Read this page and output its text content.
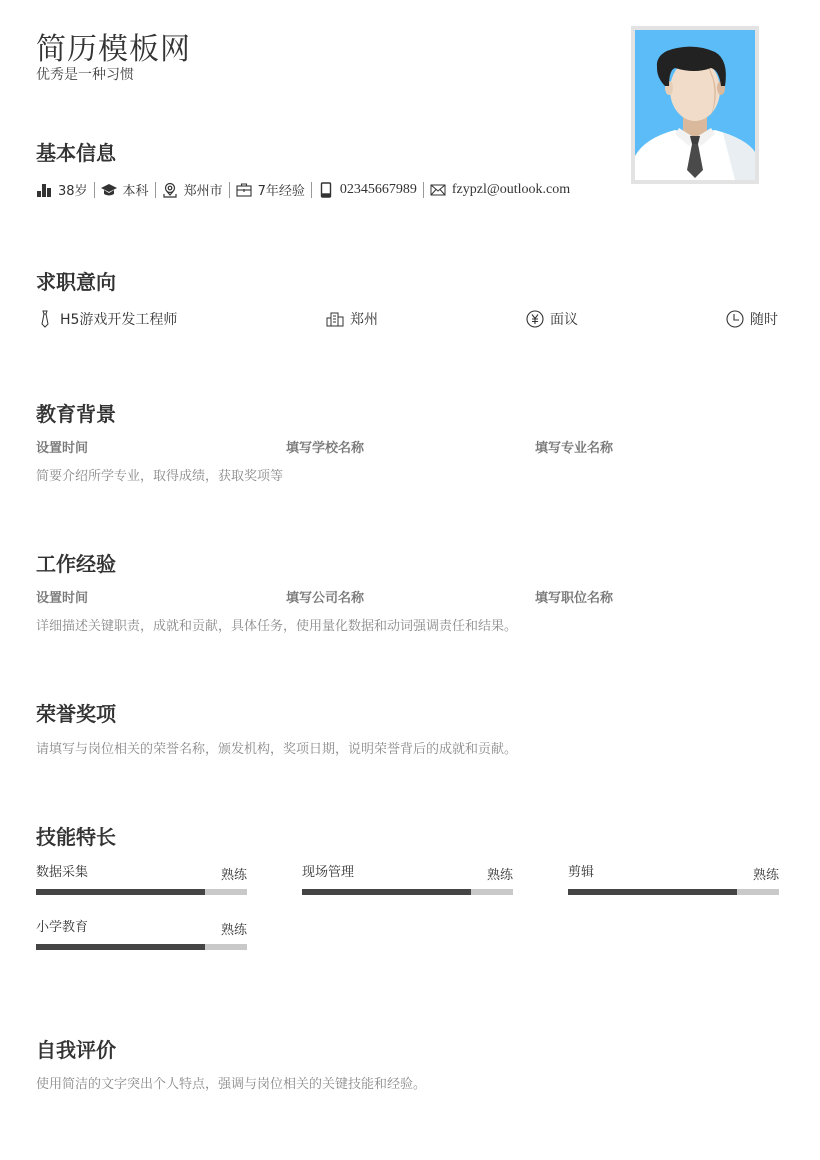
简历模板网
优秀是一种习惯
基本信息
38岁	本科	郑州市	7年经验	02345667989	fzypzl@outlook.com
求职意向
H5游戏开发工程师	郑州	面议	随时
教育背景
设置时间	填写学校名称	填写专业名称
简要介绍所学专业，取得成绩，获取奖项等
工作经验
设置时间	填写公司名称	填写职位名称
详细描述关键职责，成就和贡献，具体任务，使用量化数据和动词强调责任和结果。
荣誉奖项
请填写与岗位相关的荣誉名称，颁发机构，奖项日期，说明荣誉背后的成就和贡献。
技能特长
数据采集	熟练	现场管理	熟练	剪辑	熟练
小学教育	熟练
自我评价
使用简洁的文字突出个人特点，强调与岗位相关的关键技能和经验。
